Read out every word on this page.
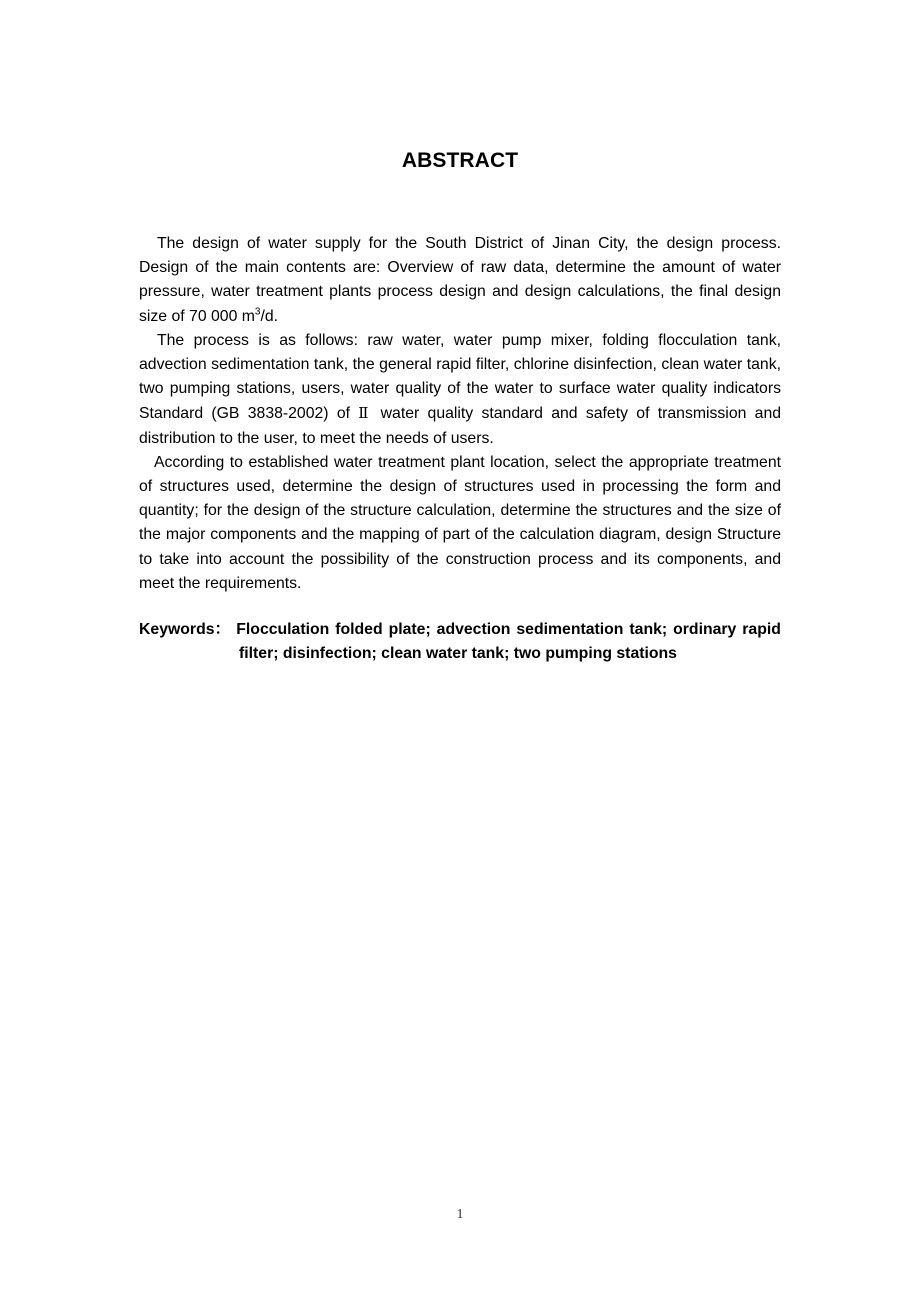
ABSTRACT

The design of water supply for the South District of Jinan City, the design process. Design of the main contents are: Overview of raw data, determine the amount of water pressure, water treatment plants process design and design calculations, the final design size of 70 000 $m^3/d$.

The process is as follows: raw water, water pump mixer, folding flocculation tank, advection sedimentation tank, the general rapid filter, chlorine disinfection, clean water tank, two pumping stations, users, water quality of the water to surface water quality indicators Standard (GB 3838-2002) of Ⅱ water quality standard and safety of transmission and distribution to the user, to meet the needs of users.

According to established water treatment plant location, select the appropriate treatment of structures used, determine the design of structures used in processing the form and quantity; for the design of the structure calculation, determine the structures and the size of the major components and the mapping of part of the calculation diagram, design Structure to take into account the possibility of the construction process and its components, and meet the requirements.

Keywords： Flocculation folded plate; advection sedimentation tank; ordinary rapid
filter; disinfection; clean water tank; two pumping stations
1
